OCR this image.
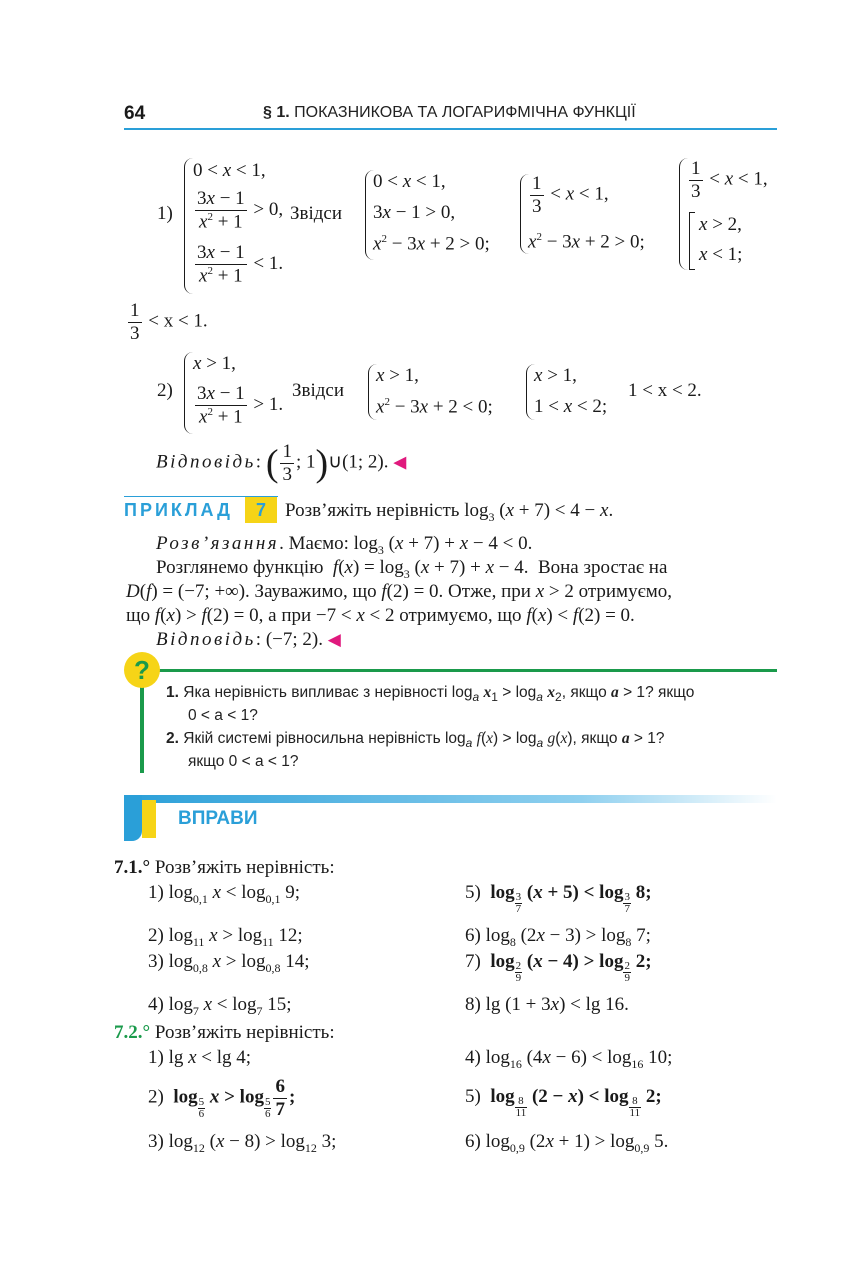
64	§ 1. ПОКАЗНИКОВА ТА ЛОГАРИФМІЧНА ФУНКЦІЇ
1)
0 < x < 1,
$\frac{3x - 1}{x^2 + 1} > 0$,
$\frac{3x - 1}{x^2 + 1} < 1$.
Звідси
0 < x < 1,
3x − 1 > 0,
$x^2 - 3x + 2 > 0$;
$\frac{1}{3} < x < 1$,
$x^2 - 3x + 2 > 0$;
$\frac{1}{3} < x < 1$,
x > 2,
x < 1;
$\frac{1}{3} < x < 1$.
2)
x > 1,
$\frac{3x - 1}{x^2 + 1} > 1$.
Звідси
x > 1,
$x^2 - 3x + 2 < 0$;
x > 1,
1 < x < 2;
1 < x < 2.
Відповідь: ( $\frac{1}{3}$ ; 1)∪(1; 2). ◀
ПРИКЛАД	7	Розв’яжіть нерівність $\log_3 (x + 7) < 4 - x$.
Розв’язання. Маємо: $\log_3 (x + 7) + x - 4 < 0$.
Розглянемо функцію $f(x) = \log_3 (x + 7) + x - 4$.  Вона зростає на
D(f) = (−7; +∞). Зауважимо, що f(2) = 0. Отже, при x > 2 отримуємо,
що f(x) > f(2) = 0, а при −7 < x < 2 отримуємо, що f(x) < f(2) = 0.
Відповідь: (−7; 2). ◀
?
1. Яка нерівність випливає з нерівності $\log_a x_1 > \log_a x_2$, якщо a > 1? якщо
0 < a < 1?
2. Якій системі рівносильна нерівність $\log_a f(x) > \log_a g(x)$, якщо a > 1?
якщо 0 < a < 1?
ВПРАВИ
7.1.° Розв’яжіть нерівність:
1) $\log_{0,1} x < \log_{0,1} 9$;
2) $\log_{11} x > \log_{11} 12$;
3) $\log_{0,8} x > \log_{0,8} 14$;
4) $\log_7 x < \log_7 15$;
5)  $\log \frac{3}{7} (x + 5) < \log \frac{3}{7} 8$;
6) $\log_8 (2x - 3) > \log_8 7$;
7)  $\log \frac{2}{9} (x - 4) > \log \frac{2}{9} 2$;
8) lg (1 + 3x) < lg 16.
7.2.° Розв’яжіть нерівність:
1) lg x < lg 4;
2)  $\log \frac{5}{6}$ $x > \log \frac{5}{6} \frac{6}{7}$ ;
3) $\log_{12} (x - 8) > \log_{12} 3$;
4) $\log_{16} (4x - 6) < \log_{16} 10$;
5)  $\log \frac{8}{11} (2 - x) < \log \frac{8}{11} 2$;
6) $\log_{0,9} (2x + 1) > \log_{0,9} 5$.
